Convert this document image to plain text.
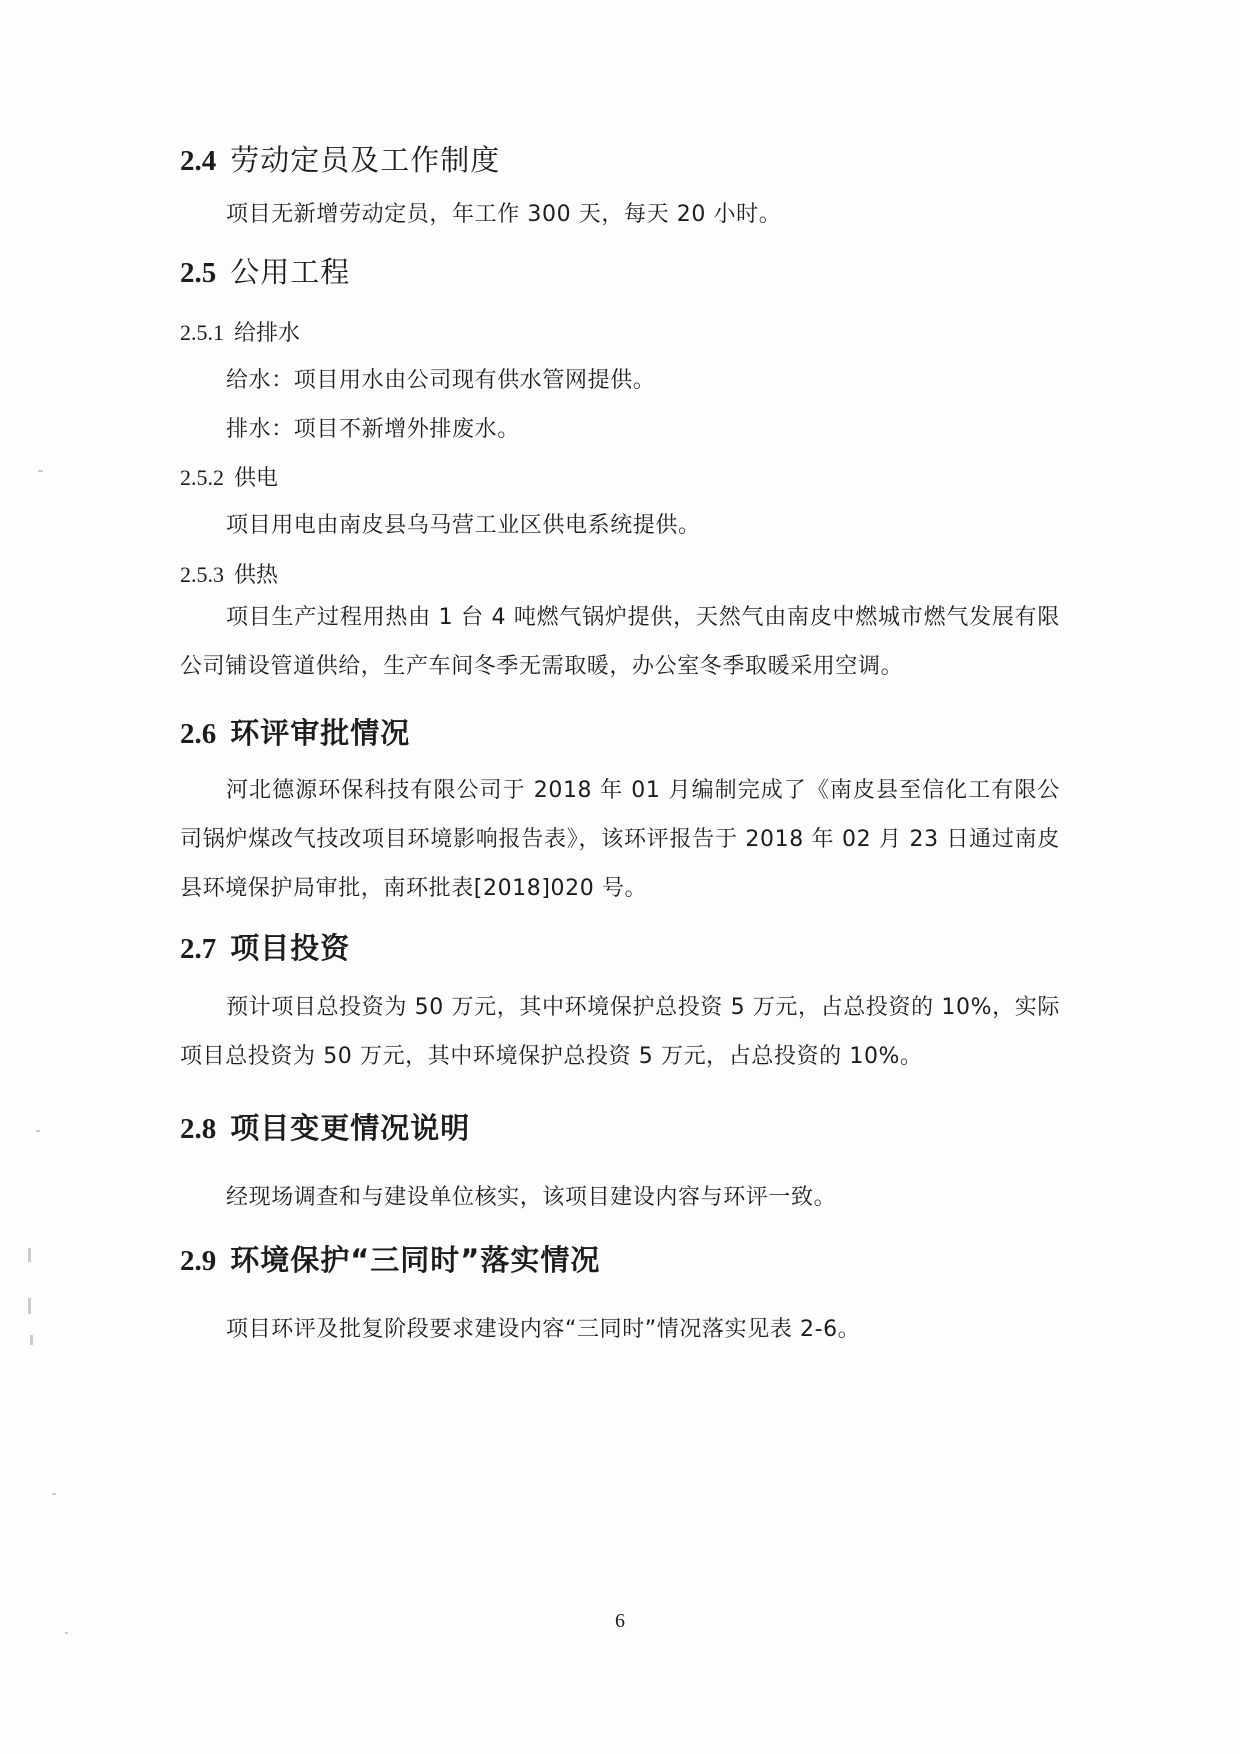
2.4 劳动定员及工作制度
项目无新增劳动定员，年工作 300 天，每天 20 小时。
2.5 公用工程
2.5.1 给排水
给水：项目用水由公司现有供水管网提供。
排水：项目不新增外排废水。
2.5.2 供电
项目用电由南皮县乌马营工业区供电系统提供。
2.5.3 供热
项目生产过程用热由 1 台 4 吨燃气锅炉提供，天然气由南皮中燃城市燃气发展有限公司铺设管道供给，生产车间冬季无需取暖，办公室冬季取暖采用空调。
2.6 环评审批情况
河北德源环保科技有限公司于 2018 年 01 月编制完成了《南皮县至信化工有限公司锅炉煤改气技改项目环境影响报告表》，该环评报告于 2018 年 02 月 23 日通过南皮县环境保护局审批，南环批表[2018]020 号。
2.7 项目投资
预计项目总投资为 50 万元，其中环境保护总投资 5 万元，占总投资的 10%，实际项目总投资为 50 万元，其中环境保护总投资 5 万元，占总投资的 10%。
2.8 项目变更情况说明
经现场调查和与建设单位核实，该项目建设内容与环评一致。
2.9 环境保护“三同时”落实情况
项目环评及批复阶段要求建设内容“三同时”情况落实见表 2-6。
6
